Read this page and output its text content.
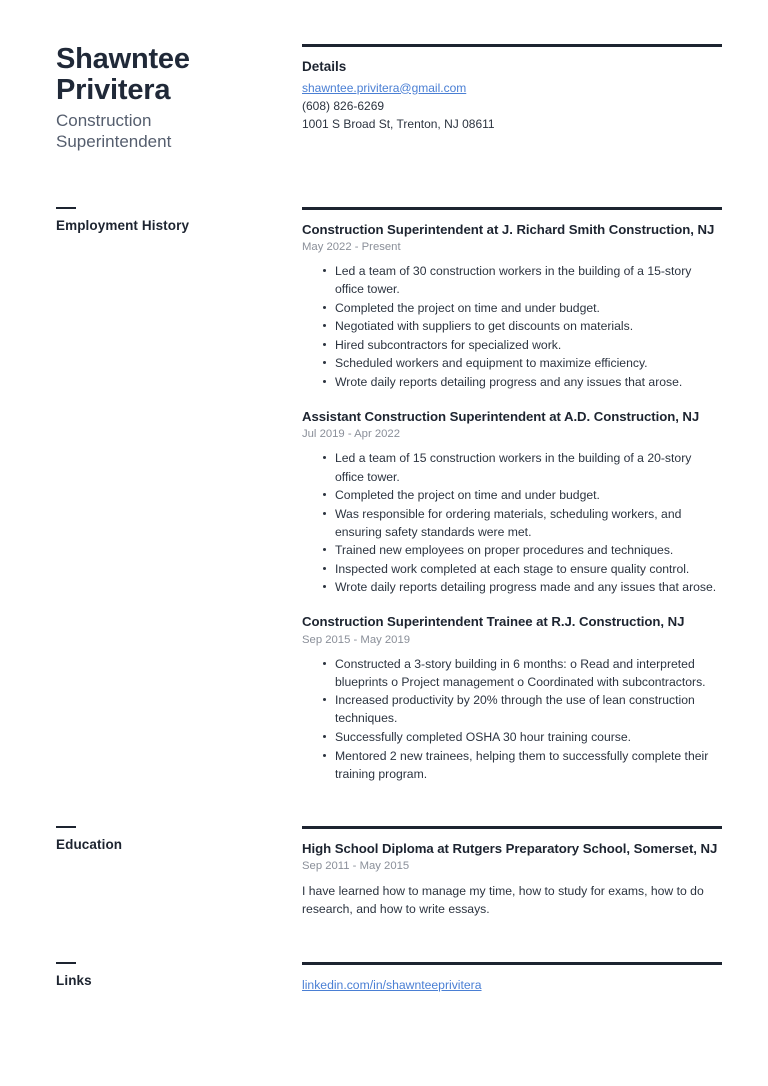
Shawntee Privitera
Construction Superintendent
Details
shawntee.privitera@gmail.com
(608) 826-6269
1001 S Broad St, Trenton, NJ 08611
Employment History	Construction Superintendent at J. Richard Smith Construction, NJ
May 2022 - Present
Led a team of 30 construction workers in the building of a 15-story office tower.
Completed the project on time and under budget.
Negotiated with suppliers to get discounts on materials.
Hired subcontractors for specialized work.
Scheduled workers and equipment to maximize efficiency.
Wrote daily reports detailing progress and any issues that arose.
Assistant Construction Superintendent at A.D. Construction, NJ
Jul 2019 - Apr 2022
Led a team of 15 construction workers in the building of a 20-story office tower.
Completed the project on time and under budget.
Was responsible for ordering materials, scheduling workers, and ensuring safety standards were met.
Trained new employees on proper procedures and techniques.
Inspected work completed at each stage to ensure quality control.
Wrote daily reports detailing progress made and any issues that arose.
Construction Superintendent Trainee at R.J. Construction, NJ
Sep 2015 - May 2019
Constructed a 3-story building in 6 months: o Read and interpreted blueprints o Project management o Coordinated with subcontractors.
Increased productivity by 20% through the use of lean construction techniques.
Successfully completed OSHA 30 hour training course.
Mentored 2 new trainees, helping them to successfully complete their training program.
Education	High School Diploma at Rutgers Preparatory School, Somerset, NJ
Sep 2011 - May 2015

I have learned how to manage my time, how to study for exams, how to do research, and how to write essays.

Links	linkedin.com/in/shawnteeprivitera
